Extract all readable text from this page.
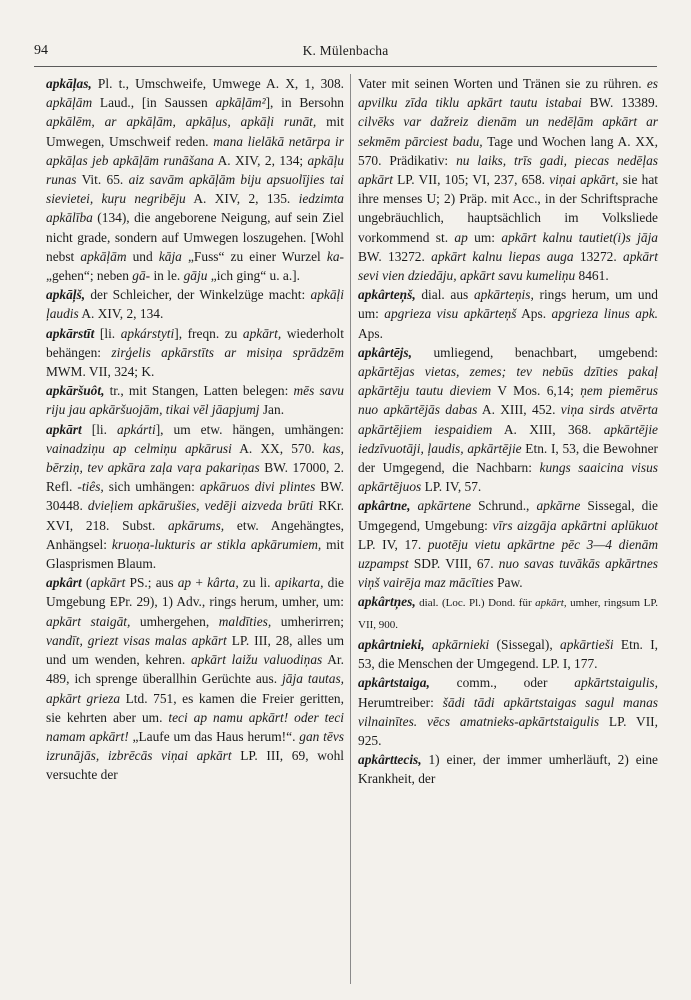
94	K. Mülenbacha

apkāļas, Pl. t., Umschweife, Umwege A. X, 1, 308. apkāļām Laud., [in Saussen apkāļām²], in Bersohn apkālēm, ar apkāļām, apkāļus, apkāļi runāt, mit Umwegen, Umschweif reden. mana lielākā netārpa ir apkāļas jeb apkāļām runāšana A. XIV, 2, 134; apkāļu runas Vit. 65. aiz savām apkāļām biju apsuolījies tai sievietei, kuŗu negribēju A. XIV, 2, 135. iedzimta apkālība (134), die angeborene Neigung, auf sein Ziel nicht grade, sondern auf Umwegen loszugehen. [Wohl nebst apkāļām und kāja „Fuss“ zu einer Wurzel ka- „gehen“; neben gā- in le. gāju „ich ging“ u. a.].

apkāļš, der Schleicher, der Winkelzüge macht: apkāļi ļaudis A. XIV, 2, 134.

apkārstīt [li. apkárstyti], freqn. zu apkārt, wiederholt behängen: zirģelis apkārstīts ar misiņa sprādzēm MWM. VII, 324; K.

apkāršuôt, tr., mit Stangen, Latten belegen: mēs savu riju jau apkāršuojām, tikai vēl jāapjumj Jan.

apkārt [li. apkárti], um etw. hängen, umhängen: vainadziņu ap celmiņu apkārusi A. XX, 570. kas, bērziņ, tev apkāra zaļa vaŗa pakariņas BW. 17000, 2. Refl. -tiês, sich umhängen: apkāruos divi plintes BW. 30448. dvieļiem apkārušies, vedēji aizveda brūti RKr. XVI, 218. Subst. apkārums, etw. Angehängtes, Anhängsel: kruoņa-lukturis ar stikla apkārumiem, mit Glasprismen Blaum.

apkârt (apkārt PS.; aus ap + kârta, zu li. apikarta, die Umgebung EPr. 29), 1) Adv., rings herum, umher, um: apkārt staigāt, umhergehen, maldīties, umherirren; vandīt, griezt visas malas apkārt LP. III, 28, alles um und um wenden, kehren. apkārt laižu valuodiņas Ar. 489, ich sprenge überallhin Gerüchte aus. jāja tautas, apkārt grieza Ltd. 751, es kamen die Freier geritten, sie kehrten aber um. teci ap namu apkārt! oder teci namam apkārt! „Laufe um das Haus herum!“. gan tēvs izrunājās, izbrēcās viņai apkārt LP. III, 69, wohl versuchte der

Vater mit seinen Worten und Tränen sie zu rühren. es apvilku zīda tiklu apkārt tautu istabai BW. 13389. cilvēks var dažreiz dienām un nedēļām apkārt ar sekmēm pārciest badu, Tage und Wochen lang A. XX, 570. Prädikativ: nu laiks, trīs gadi, piecas nedēļas apkārt LP. VII, 105; VI, 237, 658. viņai apkārt, sie hat ihre menses U; 2) Präp. mit Acc., in der Schriftsprache ungebräuchlich, hauptsächlich im Volksliede vorkommend st. ap um: apkārt kalnu tautiet(i)s jāja BW. 13272. apkārt kalnu liepas auga 13272. apkārt sevi vien dziedāju, apkārt savu kumeliņu 8461.

apkârteņš, dial. aus apkārteņis, rings herum, um und um: apgrieza visu apkārteņš Aps. apgrieza linus apk. Aps.

apkârtējs, umliegend, benachbart, umgebend: apkārtējas vietas, zemes; tev nebūs dzīties pakaļ apkārtēju tautu dieviem V Mos. 6,14; ņem piemērus nuo apkārtējās dabas A. XIII, 452. viņa sirds atvērta apkārtējiem iespaidiem A. XIII, 368. apkārtējie iedzīvuotāji, ļaudis, apkārtējie Etn. I, 53, die Bewohner der Umgegend, die Nachbarn: kungs saaicina visus apkārtējuos LP. IV, 57.

apkârtne, apkārtene Schrund., apkārne Sissegal, die Umgegend, Umgebung: vīrs aizgāja apkārtni aplūkuot LP. IV, 17. puotēju vietu apkārtne pēc 3—4 dienām uzpampst SDP. VIII, 67. nuo savas tuvākās apkārtnes viņš vairēja maz mācīties Paw.

apkârtņes, dial. (Loc. Pl.) Dond. für apkārt, umher, ringsum LP. VII, 900.

apkârtnieki, apkārnieki (Sissegal), apkārtieši Etn. I, 53, die Menschen der Umgegend. LP. I, 177.

apkârtstaiga, comm., oder apkārtstaigulis, Herumtreiber: šādi tādi apkārtstaigas sagul manas vilnainītes. vēcs amatnieks-apkārtstaigulis LP. VII, 925.

apkârttecis, 1) einer, der immer umherläuft, 2) eine Krankheit, der
